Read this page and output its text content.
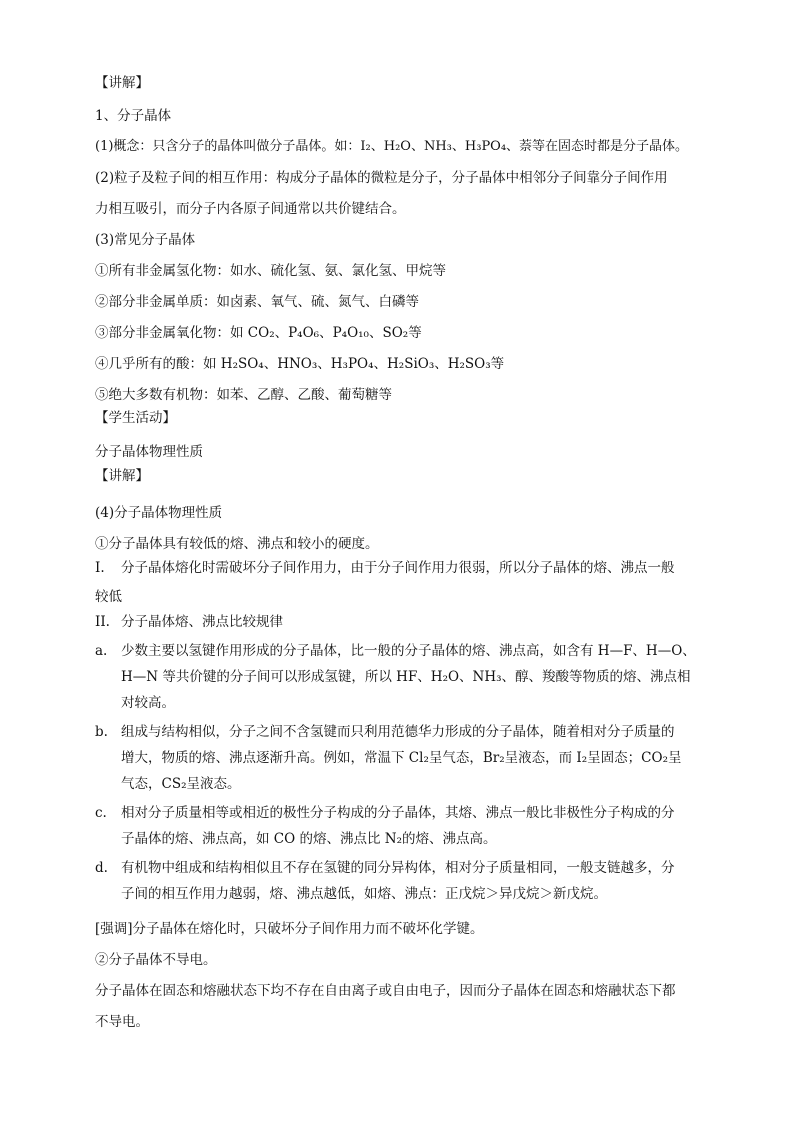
【讲解】
1、分子晶体
(1)概念：只含分子的晶体叫做分子晶体。如：I₂、H₂O、NH₃、H₃PO₄、萘等在固态时都是分子晶体。
(2)粒子及粒子间的相互作用：构成分子晶体的微粒是分子，分子晶体中相邻分子间靠分子间作用
力相互吸引，而分子内各原子间通常以共价键结合。
(3)常见分子晶体
①所有非金属氢化物：如水、硫化氢、氨、氯化氢、甲烷等
②部分非金属单质：如卤素、氧气、硫、氮气、白磷等
③部分非金属氧化物：如 CO₂、P₄O₆、P₄O₁₀、SO₂等
④几乎所有的酸：如 H₂SO₄、HNO₃、H₃PO₄、H₂SiO₃、H₂SO₃等
⑤绝大多数有机物：如苯、乙醇、乙酸、葡萄糖等
【学生活动】
分子晶体物理性质
【讲解】
(4)分子晶体物理性质
①分子晶体具有较低的熔、沸点和较小的硬度。
I. 分子晶体熔化时需破坏分子间作用力，由于分子间作用力很弱，所以分子晶体的熔、沸点一般
较低
II. 分子晶体熔、沸点比较规律
a. 少数主要以氢键作用形成的分子晶体，比一般的分子晶体的熔、沸点高，如含有 H—F、H—O、
H—N 等共价键的分子间可以形成氢键，所以 HF、H₂O、NH₃、醇、羧酸等物质的熔、沸点相
对较高。
b. 组成与结构相似，分子之间不含氢键而只利用范德华力形成的分子晶体，随着相对分子质量的
增大，物质的熔、沸点逐渐升高。例如，常温下 Cl₂呈气态，Br₂呈液态，而 I₂呈固态；CO₂呈
气态，CS₂呈液态。
c. 相对分子质量相等或相近的极性分子构成的分子晶体，其熔、沸点一般比非极性分子构成的分
子晶体的熔、沸点高，如 CO 的熔、沸点比 N₂的熔、沸点高。
d. 有机物中组成和结构相似且不存在氢键的同分异构体，相对分子质量相同，一般支链越多，分
子间的相互作用力越弱，熔、沸点越低，如熔、沸点：正戊烷＞异戊烷＞新戊烷。
[强调]分子晶体在熔化时，只破坏分子间作用力而不破坏化学键。
②分子晶体不导电。
分子晶体在固态和熔融状态下均不存在自由离子或自由电子，因而分子晶体在固态和熔融状态下都
不导电。
